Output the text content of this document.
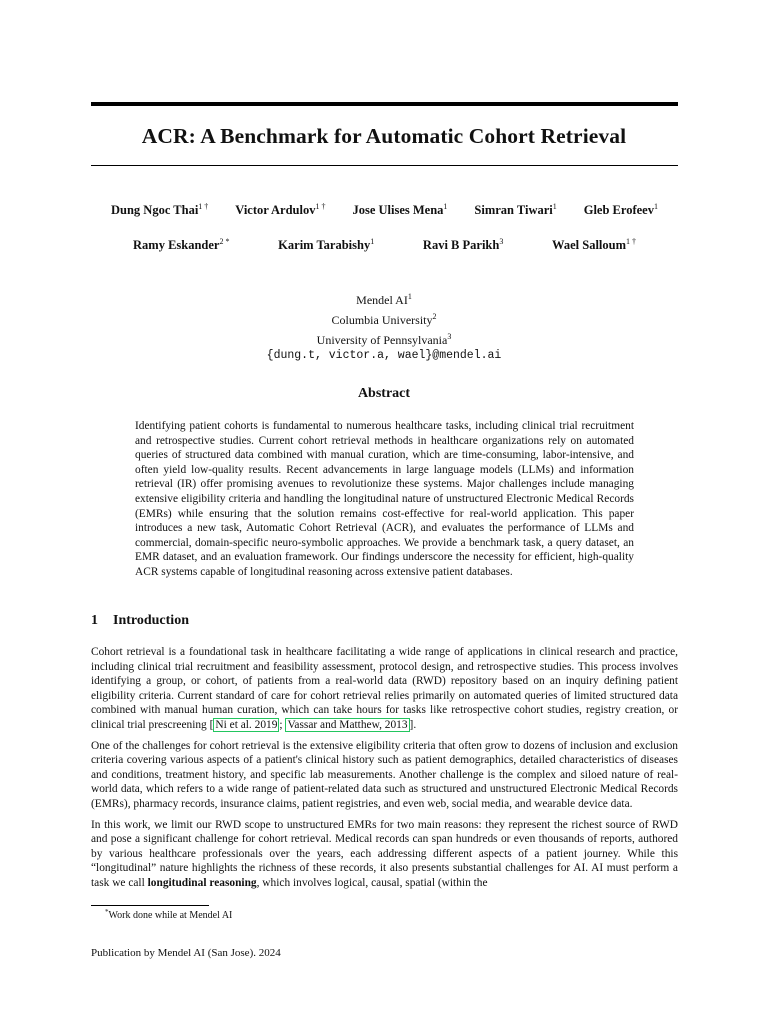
ACR: A Benchmark for Automatic Cohort Retrieval
Dung Ngoc Thai$^{1 \dagger}$ Victor Ardulov$^{1 \dagger}$ Jose Ulises Mena$^1$ Simran Tiwari$^1$ Gleb Erofeev$^1$
Ramy Eskander$^{2 *}$	Karim Tarabishy$^1$	Ravi B Parikh$^3$	Wael Salloum$^{1 \dagger}$
Mendel $AI^1$
Columbia University$^2$
University of Pennsylvania$^3$
{dung.t, victor.a, wael}@mendel.ai
Abstract

Identifying patient cohorts is fundamental to numerous healthcare tasks, including clinical trial recruitment and retrospective studies. Current cohort retrieval methods in healthcare organizations rely on automated queries of structured data combined with manual curation, which are time-consuming, labor-intensive, and often yield low-quality results. Recent advancements in large language models (LLMs) and information retrieval (IR) offer promising avenues to revolutionize these systems. Major challenges include managing extensive eligibility criteria and handling the longitudinal nature of unstructured Electronic Medical Records (EMRs) while ensuring that the solution remains cost-effective for real-world application. This paper introduces a new task, Automatic Cohort Retrieval (ACR), and evaluates the performance of LLMs and commercial, domain-specific neuro-symbolic approaches. We provide a benchmark task, a query dataset, an EMR dataset, and an evaluation framework. Our findings underscore the necessity for efficient, high-quality ACR systems capable of longitudinal reasoning across extensive patient databases.

1 Introduction

Cohort retrieval is a foundational task in healthcare facilitating a wide range of applications in clinical research and practice, including clinical trial recruitment and feasibility assessment, protocol design, and retrospective studies. This process involves identifying a group, or cohort, of patients from a real-world data (RWD) repository based on an inquiry defining patient eligibility criteria. Current standard of care for cohort retrieval relies primarily on automated queries of limited structured data combined with manual human curation, which can take hours for tasks like retrospective cohort studies, registry creation, or clinical trial prescreening [ Ni et al. 2019 ; Vassar and Matthew, 2013 ].

One of the challenges for cohort retrieval is the extensive eligibility criteria that often grow to dozens of inclusion and exclusion criteria covering various aspects of a patient's clinical history such as patient demographics, detailed characteristics of diseases and conditions, treatment history, and specific lab measurements. Another challenge is the complex and siloed nature of real-world data, which refers to a wide range of patient-related data such as structured and unstructured Electronic Medical Records (EMRs), pharmacy records, insurance claims, patient registries, and even web, social media, and wearable device data.

In this work, we limit our RWD scope to unstructured EMRs for two main reasons: they represent the richest source of RWD and pose a significant challenge for cohort retrieval. Medical records can span hundreds or even thousands of reports, authored by various healthcare professionals over the years, each addressing different aspects of a patient journey. While this “longitudinal” nature highlights the richness of these records, it also presents substantial challenges for AI. AI must perform a task we call longitudinal reasoning, which involves logical, causal, spatial (within the

*Work done while at Mendel AI
Publication by Mendel AI (San Jose). 2024
